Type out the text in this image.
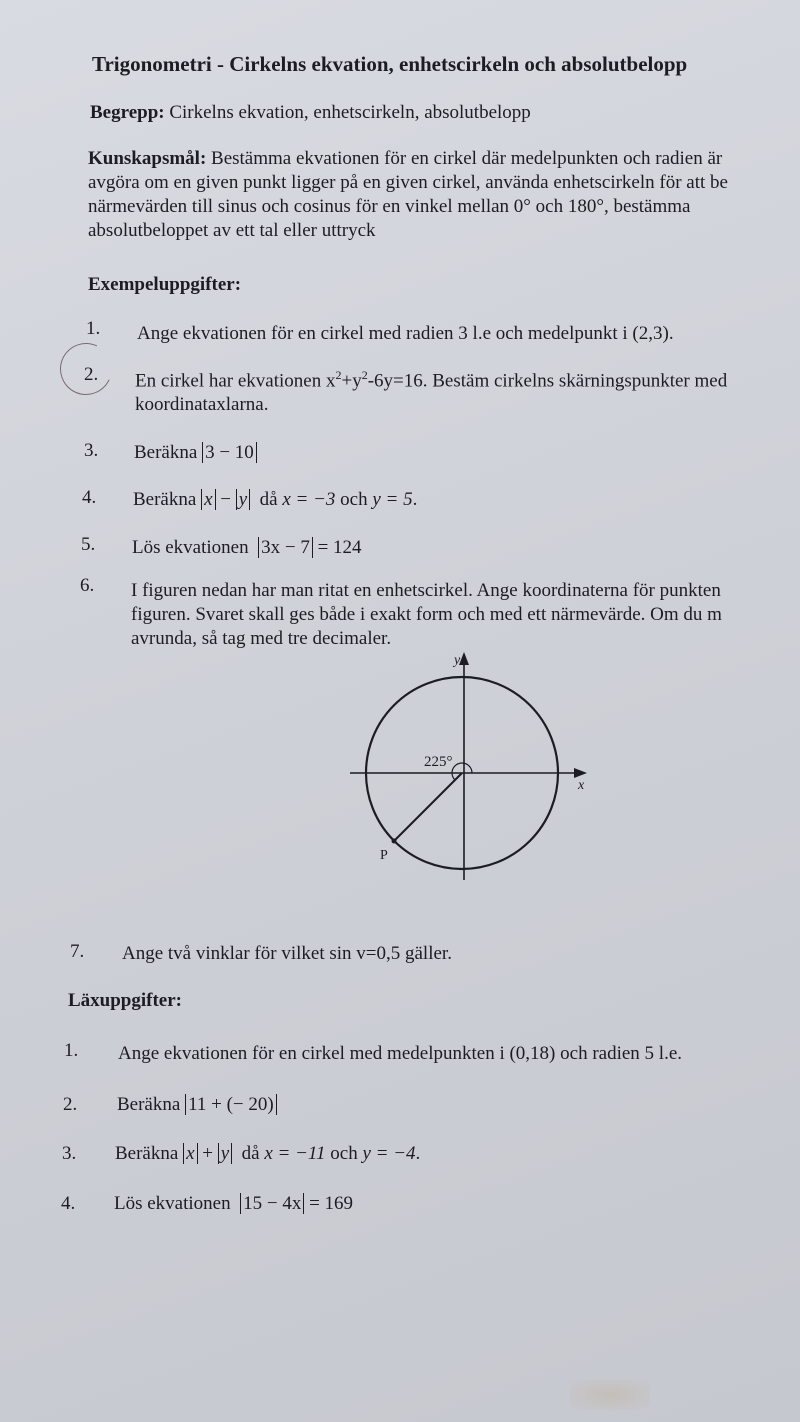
Trigonometri - Cirkelns ekvation, enhetscirkeln och absolutbelopp
Begrepp: Cirkelns ekvation, enhetscirkeln, absolutbelopp
Kunskapsmål: Bestämma ekvationen för en cirkel där medelpunkten och radien är
avgöra om en given punkt ligger på en given cirkel, använda enhetscirkeln för att be
närmevärden till sinus och cosinus för en vinkel mellan 0° och 180°, bestämma
absolutbeloppet av ett tal eller uttryck
Exempeluppgifter:
1. Ange ekvationen för en cirkel med radien 3 l.e och medelpunkt i (2,3).
2. En cirkel har ekvationen $x^2+y^2-6y=16$. Bestäm cirkelns skärningspunkter med
koordinataxlarna.
3. Beräkna 3 − 10
4. Beräkna x − y då x = −3 och y = 5.
5. Lös ekvationen 3x − 7 = 124
6. I figuren nedan har man ritat en enhetscirkel. Ange koordinaterna för punkten
figuren. Svaret skall ges både i exakt form och med ett närmevärde. Om du m
avrunda, så tag med tre decimaler.
y
x
225°
P
7. Ange två vinklar för vilket sin v=0,5 gäller.
Läxuppgifter:
1. Ange ekvationen för en cirkel med medelpunkten i (0,18) och radien 5 l.e.
2. Beräkna 11 + (− 20)
3. Beräkna x + y då x = −11 och y = −4.
4. Lös ekvationen 15 − 4x = 169
